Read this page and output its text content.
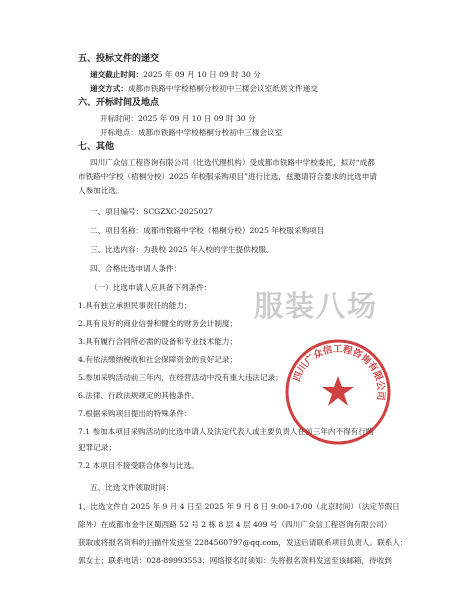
五、投标文件的递交
递交截止时间：2025 年 09 月 10 日 09 时 30 分
递交方式：成都市铁路中学校梧桐分校初中三楼会议室纸质文件递交
六、开标时间及地点
开标时间：2025 年 09 月 10 日 09 时 30 分
开标地点：成都市铁路中学校梧桐分校初中三楼会议室
七、其他
四川广众信工程咨询有限公司（比选代理机构）受成都市铁路中学校委托，拟对“成都
市铁路中学校（梧桐分校）2025 年校服采购项目”进行比选，兹邀请符合要求的比选申请
人参加比选。
一、项目编号：SCGZXC-2025027
二、项目名称：成都市铁路中学校（梧桐分校）2025 年校服采购项目
三、比选内容：为我校 2025 年入校的学生提供校服。
四、合格比选申请人条件：
（一）比选申请人应具备下列条件：
1.具有独立承担民事责任的能力；
2.具有良好的商业信誉和健全的财务会计制度；
3.具有履行合同所必需的设备和专业技术能力；
4.有依法缴纳税收和社会保障资金的良好记录；
5.参加采购活动前三年内，在经营活动中没有重大违法记录；
6.法律、行政法规规定的其他条件。
7.根据采购项目提出的特殊条件：
7.1 参加本项目采购活动的比选申请人及法定代表人或主要负责人在前三年内不得有行贿
犯罪记录；
7.2 本项目不接受联合体参与比选。
五、比选文件领取时间：
1、比选文件自 2025 年 9 月 4 日至 2025 年 9 月 8 日 9:00-17:00（北京时间）（法定节假日
除外）在成都市金牛区蜀西路 52 号 2 栋 8 层 4 层 409 号（四川广众信工程咨询有限公司）
获取或将报名资料的扫描件发送至 2284560797@qq.com，发送后请联系项目负责人。联系人：
郭女士；联系电话：028-89993553；网络报名时须知：失将报名资料发送至该邮箱，待收到
服装八场
四川广众信工程咨询有限公司
